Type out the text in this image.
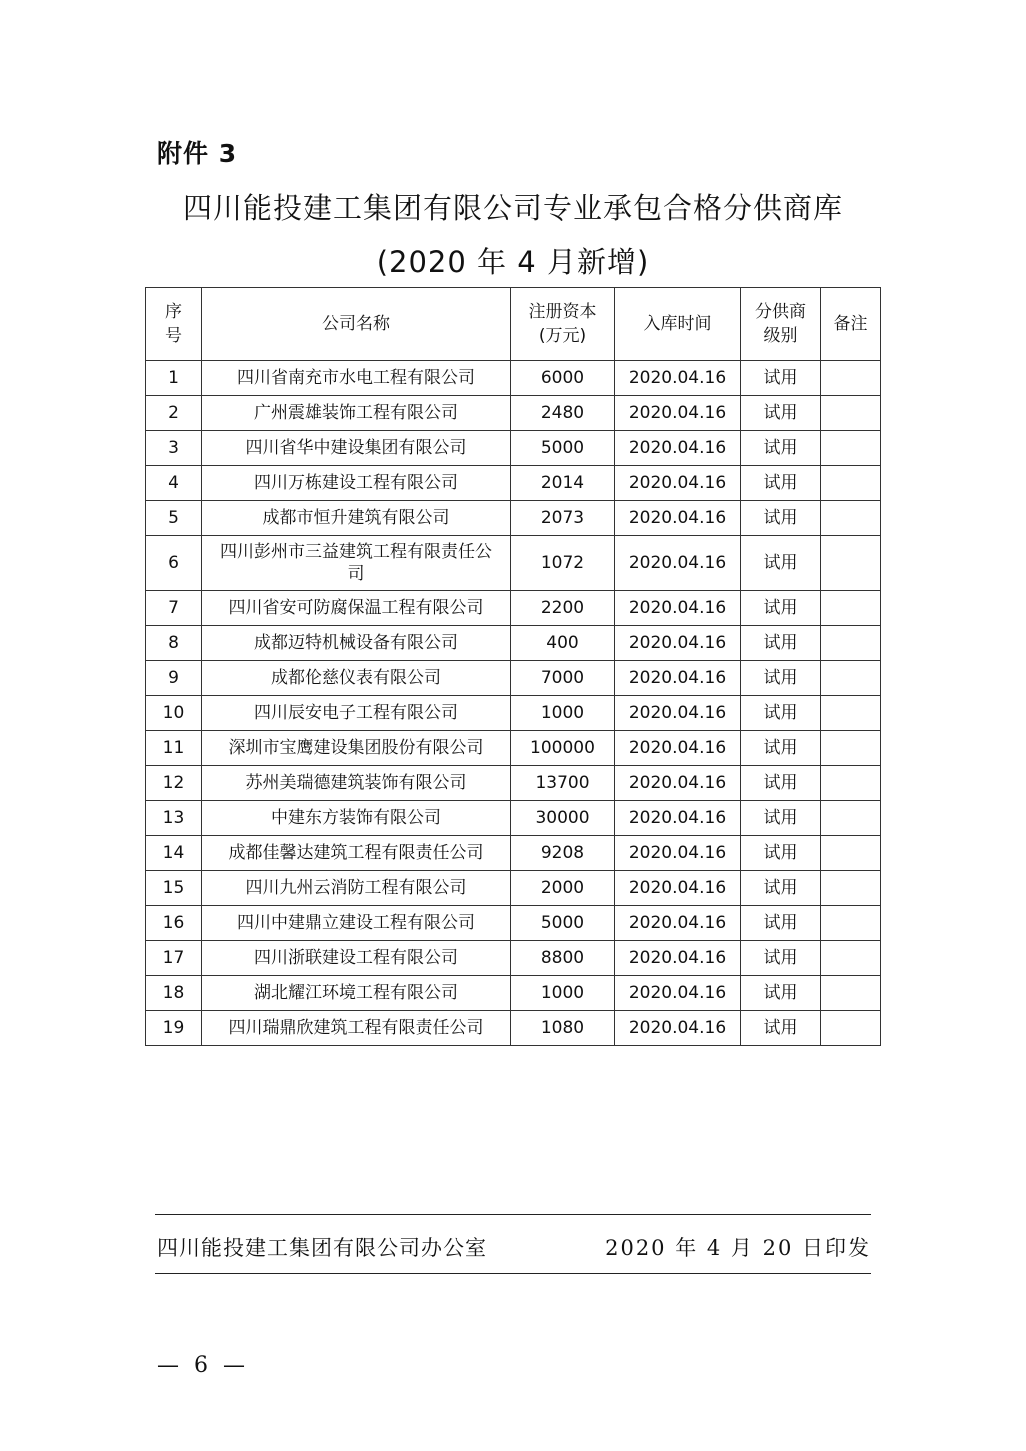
附件 3
四川能投建工集团有限公司专业承包合格分供商库
(2020 年 4 月新增)
序号	公司名称	注册资本(万元)	入库时间	分供商级别	备注
1	四川省南充市水电工程有限公司	6000	2020.04.16	试用	
2	广州震雄装饰工程有限公司	2480	2020.04.16	试用	
3	四川省华中建设集团有限公司	5000	2020.04.16	试用	
4	四川万栋建设工程有限公司	2014	2020.04.16	试用	
5	成都市恒升建筑有限公司	2073	2020.04.16	试用	
6	四川彭州市三益建筑工程有限责任公司	1072	2020.04.16	试用	
7	四川省安可防腐保温工程有限公司	2200	2020.04.16	试用	
8	成都迈特机械设备有限公司	400	2020.04.16	试用	
9	成都伦慈仪表有限公司	7000	2020.04.16	试用	
10	四川辰安电子工程有限公司	1000	2020.04.16	试用	
11	深圳市宝鹰建设集团股份有限公司	100000	2020.04.16	试用	
12	苏州美瑞德建筑装饰有限公司	13700	2020.04.16	试用	
13	中建东方装饰有限公司	30000	2020.04.16	试用	
14	成都佳馨达建筑工程有限责任公司	9208	2020.04.16	试用	
15	四川九州云消防工程有限公司	2000	2020.04.16	试用	
16	四川中建鼎立建设工程有限公司	5000	2020.04.16	试用	
17	四川浙联建设工程有限公司	8800	2020.04.16	试用	
18	湖北耀江环境工程有限公司	1000	2020.04.16	试用	
19	四川瑞鼎欣建筑工程有限责任公司	1080	2020.04.16	试用	
四川能投建工集团有限公司办公室	2020 年 4 月 20 日印发
— 6 —
